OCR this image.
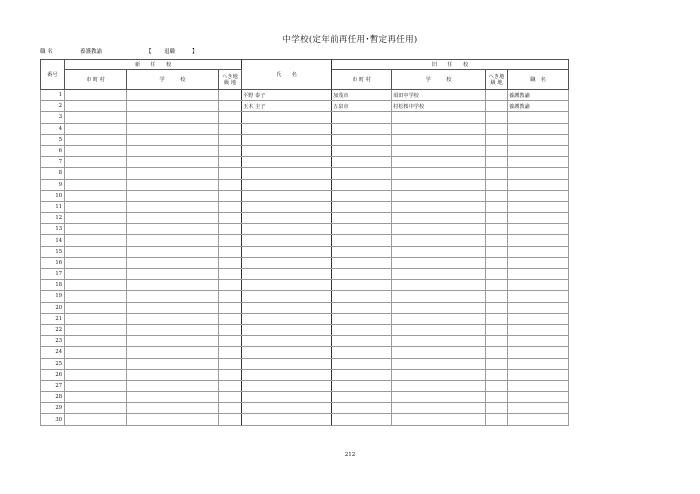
中学校(定年前再任用･暫定再任用)
職 名	養護教諭	【 退職	】
番号	新　　任　　校			氏　　名	旧　　任　　校			
	市 町 村	学　　　校	へき地
級 地		市 町 村	学　　　校	へき地
級 地	職　名
1				平野 泰子	加茂市	須田中学校		養護教諭
2				玉木 圭子	五泉市	村松桜中学校		養護教諭
3								
4								
5								
6								
7								
8								
9								
10								
11								
12								
13								
14								
15								
16								
17								
18								
19								
20								
21								
22								
23								
24								
25								
26								
27								
28								
29								
30								
212
